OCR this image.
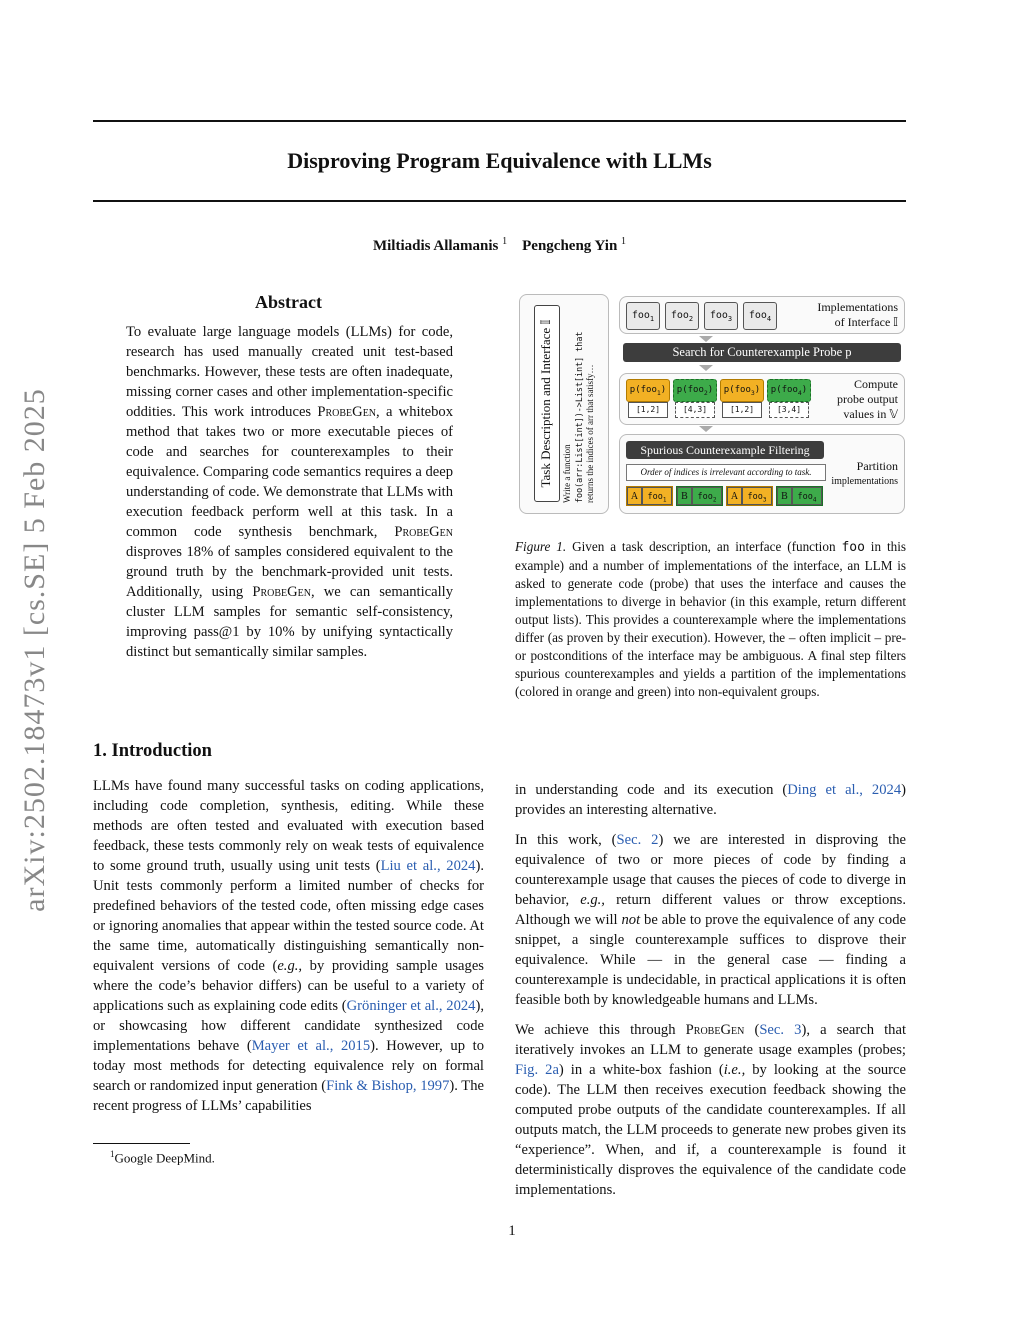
arXiv:2502.18473v1 [cs.SE] 5 Feb 2025
Disproving Program Equivalence with LLMs
Miltiadis Allamanis $^1$ Pengcheng Yin $^1$
Abstract

To evaluate large language models (LLMs) for code, research has used manually created unit test-based benchmarks. However, these tests are often inadequate, missing corner cases and other implementation-specific oddities. This work introduces ProbeGen, a whitebox method that takes two or more executable pieces of code and searches for counterexamples to their equivalence. Comparing code semantics requires a deep understanding of code. We demonstrate that LLMs with execution feedback perform well at this task. In a common code synthesis benchmark, ProbeGen disproves 18% of samples considered equivalent to the ground truth by the benchmark-provided unit tests. Additionally, using ProbeGen, we can semantically cluster LLM samples for semantic self-consistency, improving pass@1 by 10% by unifying syntactically distinct but semantically similar samples.

1. Introduction

LLMs have found many successful tasks on coding applications, including code completion, synthesis, editing. While these methods are often tested and evaluated with execution based feedback, these tests commonly rely on weak tests of equivalence to some ground truth, usually using unit tests (Liu et al., 2024). Unit tests commonly perform a limited number of checks for predefined behaviors of the tested code, often missing edge cases or ignoring anomalies that appear within the tested source code. At the same time, automatically distinguishing semantically non-equivalent versions of code (e.g., by providing sample usages where the code’s behavior differs) can be useful to a variety of applications such as explaining code edits (Gröninger et al., 2024), or showcasing how different candidate synthesized code implementations behave (Mayer et al., 2015). However, up to today most methods for detecting equivalence rely on formal search or randomized input generation (Fink & Bishop, 1997). The recent progress of LLMs’ capabilities

$^1$Google DeepMind.

in understanding code and its execution (Ding et al., 2024) provides an interesting alternative.

In this work, (Sec. 2) we are interested in disproving the equivalence of two or more pieces of code by finding a counterexample usage that causes the pieces of code to diverge in behavior, e.g., return different values or throw exceptions. Although we will not be able to prove the equivalence of any code snippet, a single counterexample suffices to disprove their equivalence. While — in the general case — finding a counterexample is undecidable, in practical applications it is often feasible both by knowledgeable humans and LLMs.

We achieve this through ProbeGen (Sec. 3), a search that iteratively invokes an LLM to generate usage examples (probes; Fig. 2a) in a white-box fashion (i.e., by looking at the source code). The LLM then receives execution feedback showing the computed probe outputs of the candidate counterexamples. If all outputs match, the LLM proceeds to generate new probes given its “experience”. When, and if, a counterexample is found it deterministically disproves the equivalence of the candidate code implementations.

Task Description and Interface 𝕀	Write a function foo(arr:List[int])->List[int] that returns the indices of arr that satisfy…
foo$_1$	foo$_2$	foo$_3$	foo$_4$
Implementations
of Interface 𝕀
Search for Counterexample Probe p
p(foo$_1$)	p(foo$_2$)	p(foo$_3$)	p(foo$_4$)
[1,2]	[4,3]	[1,2]	[3,4]
Compute
probe output
values in 𝕍
Spurious Counterexample Filtering
Order of indices is irrelevant according to task.
A foo$_1$	B foo$_2$	A foo$_3$	B foo$_4$
Partition
implementations

Figure 1. Given a task description, an interface (function foo in this example) and a number of implementations of the interface, an LLM is asked to generate code (probe) that uses the interface and causes the implementations to diverge in behavior (in this example, return different output lists). This provides a counterexample where the implementations differ (as proven by their execution). However, the – often implicit – pre- or postconditions of the interface may be ambiguous. A final step filters spurious counterexamples and yields a partition of the implementations (colored in orange and green) into non-equivalent groups.

1
